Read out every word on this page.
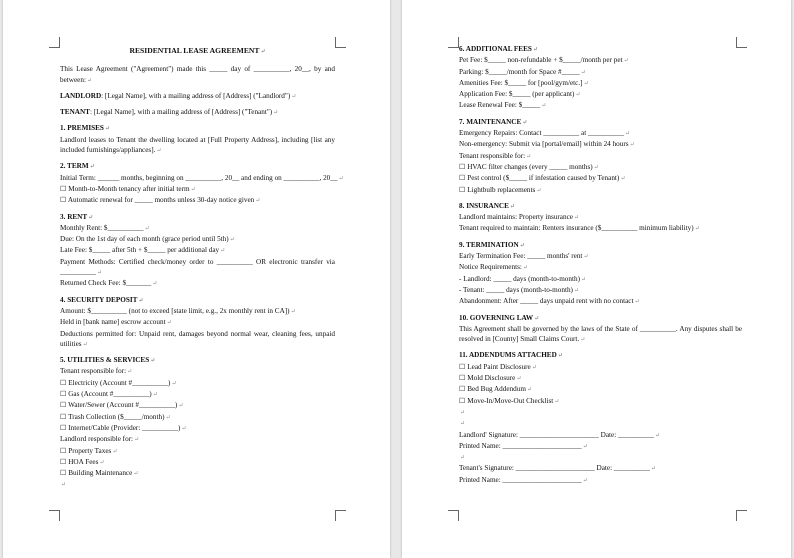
RESIDENTIAL LEASE AGREEMENT↵
This Lease Agreement ("Agreement") made this _____ day of __________, 20__, by and between:↵
LANDLORD: [Legal Name], with a mailing address of [Address] ("Landlord")↵
TENANT: [Legal Name], with a mailing address of [Address] ("Tenant")↵
1. PREMISES↵
Landlord leases to Tenant the dwelling located at [Full Property Address], including [list any included furnishings/appliances].↵
2. TERM↵
Initial Term: ______ months, beginning on __________, 20__ and ending on __________, 20__↵
☐ Month-to-Month tenancy after initial term↵
☐ Automatic renewal for _____ months unless 30-day notice given↵
3. RENT↵
Monthly Rent: $__________↵
Due: On the 1st day of each month (grace period until 5th)↵
Late Fee: $_____ after 5th + $_____ per additional day↵
Payment Methods: Certified check/money order to __________ OR electronic transfer via __________↵
Returned Check Fee: $_______↵
4. SECURITY DEPOSIT↵
Amount: $__________ (not to exceed [state limit, e.g., 2x monthly rent in CA])↵
Held in [bank name] escrow account↵
Deductions permitted for: Unpaid rent, damages beyond normal wear, cleaning fees, unpaid utilities↵
5. UTILITIES & SERVICES↵
Tenant responsible for:↵
☐ Electricity (Account #__________)↵
☐ Gas (Account #__________)↵
☐ Water/Sewer (Account #__________)↵
☐ Trash Collection ($_____/month)↵
☐ Internet/Cable (Provider: __________)↵
Landlord responsible for:↵
☐ Property Taxes↵
☐ HOA Fees↵
☐ Building Maintenance↵
↵
6. ADDITIONAL FEES↵
Pet Fee: $_____ non-refundable + $_____/month per pet↵
Parking: $_____/month for Space #_____↵
Amenities Fee: $_____ for [pool/gym/etc.]↵
Application Fee: $_____ (per applicant)↵
Lease Renewal Fee: $_____↵
7. MAINTENANCE↵
Emergency Repairs: Contact __________ at __________↵
Non-emergency: Submit via [portal/email] within 24 hours↵
Tenant responsible for:↵
☐ HVAC filter changes (every _____ months)↵
☐ Pest control ($_____ if infestation caused by Tenant)↵
☐ Lightbulb replacements↵
8. INSURANCE↵
Landlord maintains: Property insurance↵
Tenant required to maintain: Renters insurance ($__________ minimum liability)↵
9. TERMINATION↵
Early Termination Fee: _____ months' rent↵
Notice Requirements:↵
- Landlord: _____ days (month-to-month)↵
- Tenant: _____ days (month-to-month)↵
Abandonment: After _____ days unpaid rent with no contact↵
10. GOVERNING LAW↵
This Agreement shall be governed by the laws of the State of __________. Any disputes shall be resolved in [County] Small Claims Court.↵
11. ADDENDUMS ATTACHED↵
☐ Lead Paint Disclosure↵
☐ Mold Disclosure↵
☐ Bed Bug Addendum↵
☐ Move-In/Move-Out Checklist↵
↵
↵
Landlord' Signature: ______________________ Date: __________↵
Printed Name: ______________________↵
↵
Tenant's Signature: ______________________ Date: __________↵
Printed Name: ______________________↵
